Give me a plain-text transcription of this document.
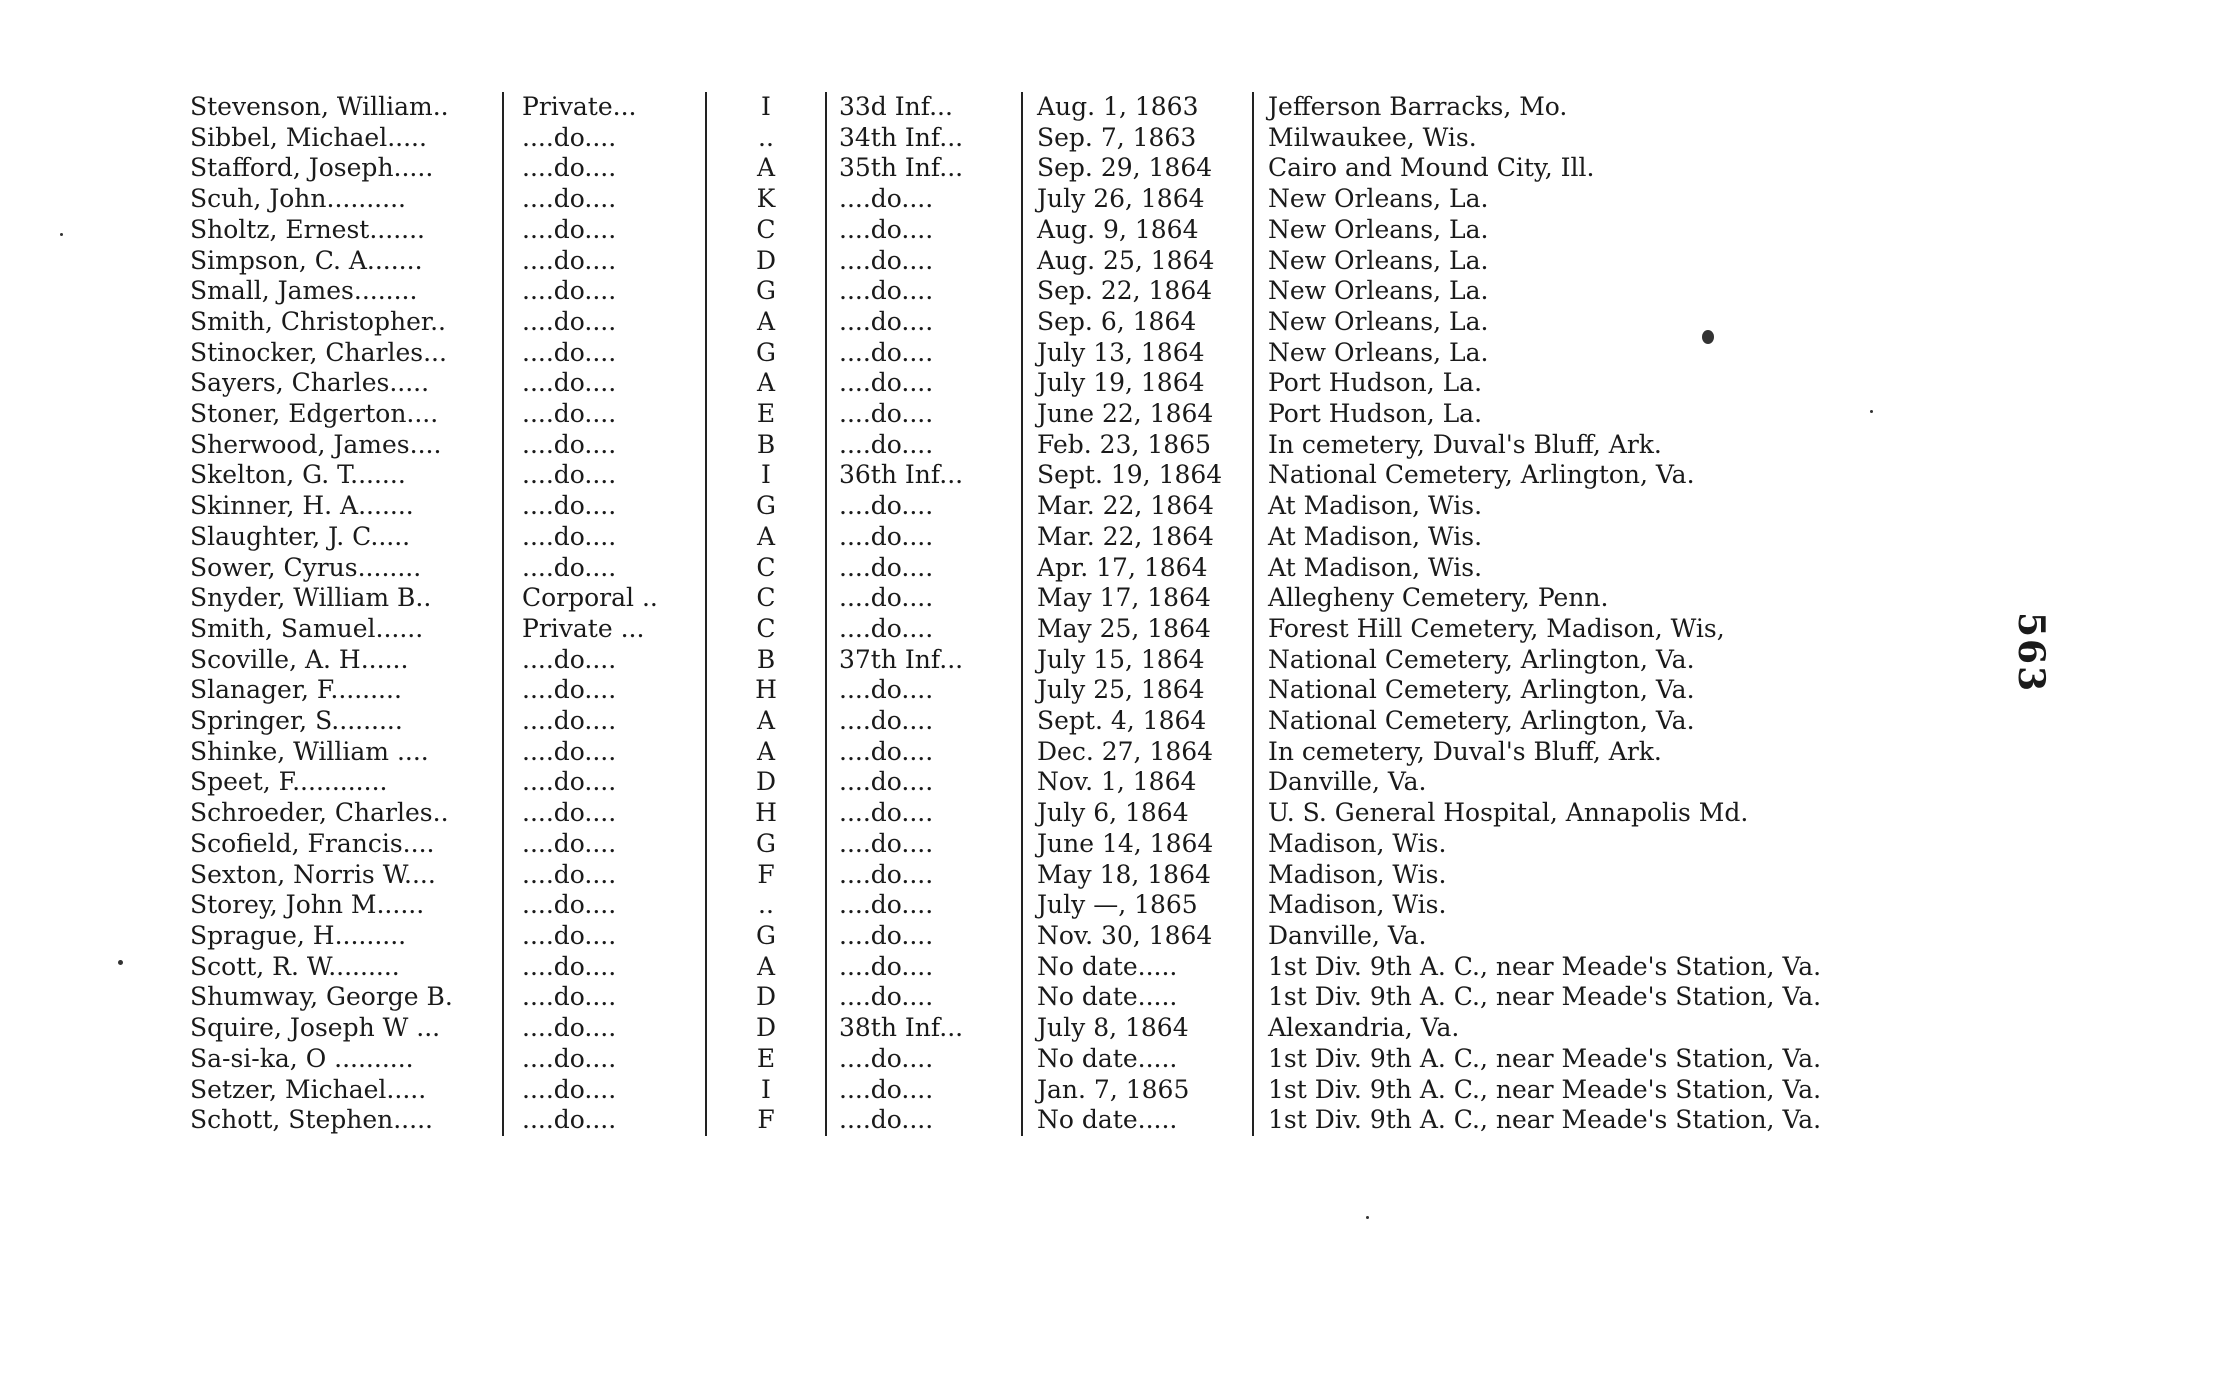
Stevenson, William..	Private...	I	33d Inf...	Aug. 1, 1863	Jefferson Barracks, Mo.
Sibbel, Michael.....	....do....	..	34th Inf...	Sep. 7, 1863	Milwaukee, Wis.
Stafford, Joseph.....	....do....	A	35th Inf...	Sep. 29, 1864	Cairo and Mound City, Ill.
Scuh, John..........	....do....	K	....do....	July 26, 1864	New Orleans, La.
Sholtz, Ernest.......	....do....	C	....do....	Aug. 9, 1864	New Orleans, La.
Simpson, C. A.......	....do....	D	....do....	Aug. 25, 1864	New Orleans, La.
Small, James........	....do....	G	....do....	Sep. 22, 1864	New Orleans, La.
Smith, Christopher..	....do....	A	....do....	Sep. 6, 1864	New Orleans, La.
Stinocker, Charles...	....do....	G	....do....	July 13, 1864	New Orleans, La.
Sayers, Charles.....	....do....	A	....do....	July 19, 1864	Port Hudson, La.
Stoner, Edgerton....	....do....	E	....do....	June 22, 1864	Port Hudson, La.
Sherwood, James....	....do....	B	....do....	Feb. 23, 1865	In cemetery, Duval's Bluff, Ark.
Skelton, G. T.......	....do....	I	36th Inf...	Sept. 19, 1864	National Cemetery, Arlington, Va.
Skinner, H. A.......	....do....	G	....do....	Mar. 22, 1864	At Madison, Wis.
Slaughter, J. C.....	....do....	A	....do....	Mar. 22, 1864	At Madison, Wis.
Sower, Cyrus........	....do....	C	....do....	Apr. 17, 1864	At Madison, Wis.
Snyder, William B..	Corporal ..	C	....do....	May 17, 1864	Allegheny Cemetery, Penn.
Smith, Samuel......	Private ...	C	....do....	May 25, 1864	Forest Hill Cemetery, Madison, Wis,
Scoville, A. H......	....do....	B	37th Inf...	July 15, 1864	National Cemetery, Arlington, Va.
Slanager, F.........	....do....	H	....do....	July 25, 1864	National Cemetery, Arlington, Va.
Springer, S.........	....do....	A	....do....	Sept. 4, 1864	National Cemetery, Arlington, Va.
Shinke, William ....	....do....	A	....do....	Dec. 27, 1864	In cemetery, Duval's Bluff, Ark.
Speet, F............	....do....	D	....do....	Nov. 1, 1864	Danville, Va.
Schroeder, Charles..	....do....	H	....do....	July 6, 1864	U. S. General Hospital, Annapolis Md.
Scofield, Francis....	....do....	G	....do....	June 14, 1864	Madison, Wis.
Sexton, Norris W....	....do....	F	....do....	May 18, 1864	Madison, Wis.
Storey, John M......	....do....	..	....do....	July —, 1865	Madison, Wis.
Sprague, H.........	....do....	G	....do....	Nov. 30, 1864	Danville, Va.
Scott, R. W.........	....do....	A	....do....	No date.....	1st Div. 9th A. C., near Meade's Station, Va.
Shumway, George B.	....do....	D	....do....	No date.....	1st Div. 9th A. C., near Meade's Station, Va.
Squire, Joseph W ...	....do....	D	38th Inf...	July 8, 1864	Alexandria, Va.
Sa-si-ka, O ..........	....do....	E	....do....	No date.....	1st Div. 9th A. C., near Meade's Station, Va.
Setzer, Michael.....	....do....	I	....do....	Jan. 7, 1865	1st Div. 9th A. C., near Meade's Station, Va.
Schott, Stephen.....	....do....	F	....do....	No date.....	1st Div. 9th A. C., near Meade's Station, Va.
563
